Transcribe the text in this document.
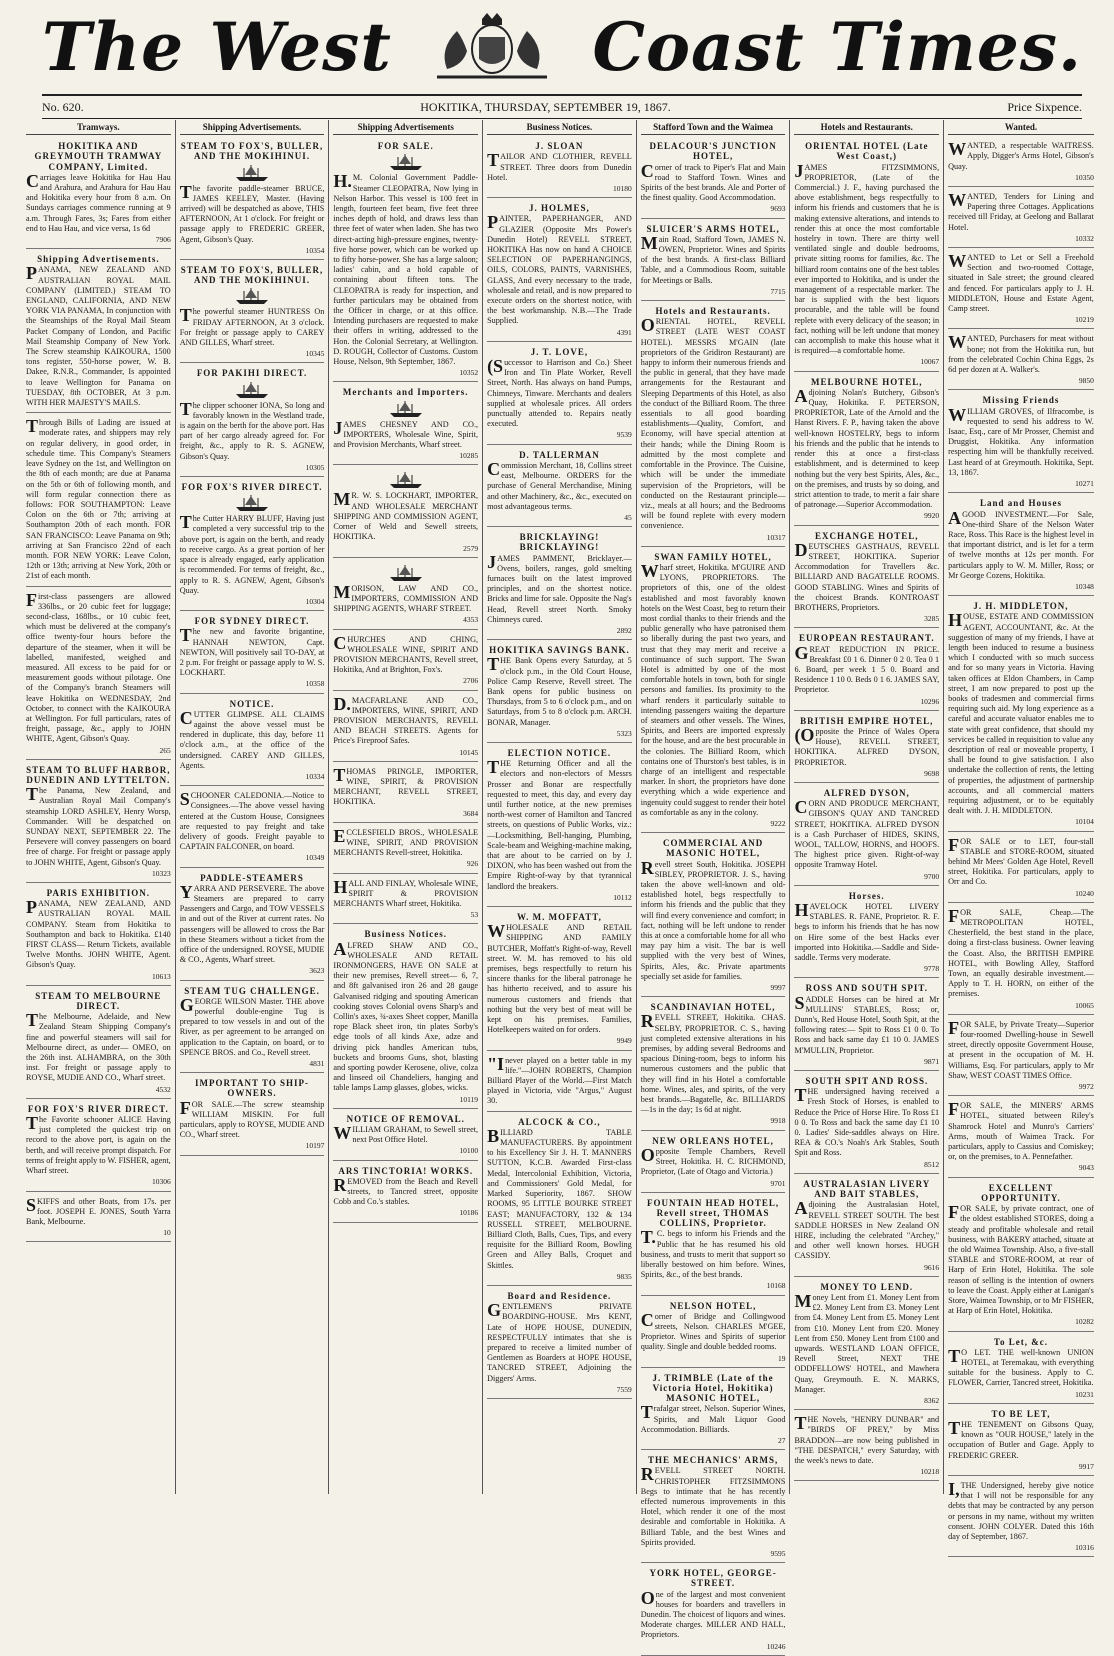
The West	Coast Times.
No. 620.	HOKITIKA, THURSDAY, SEPTEMBER 19, 1867.	Price Sixpence.
Tramways.
HOKITIKA AND GREYMOUTH TRAMWAY COMPANY, Limited.
Carriages leave Hokitika for Hau Hau and Arahura, and Arahura for Hau Hau and Hokitika every hour from 8 a.m. On Sundays carriages commence running at 9 a.m. Through Fares, 3s; Fares from either end to Hau Hau, and vice versa, 1s 6d
7906
Shipping Advertisements.
PANAMA, NEW ZEALAND AND AUSTRALIAN ROYAL MAIL COMPANY (LIMITED.) STEAM TO ENGLAND, CALIFORNIA, AND NEW YORK VIA PANAMA, In conjunction with the Steamships of the Royal Mail Steam Packet Company of London, and Pacific Mail Steamship Company of New York. The Screw steamship KAIKOURA, 1500 tons register, 550-horse power, W. B. Dakee, R.N.R., Commander, Is appointed to leave Wellington for Panama on TUESDAY, 8th OCTOBER, At 3 p.m. WITH HER MAJESTY'S MAILS.
Through Bills of Lading are issued at moderate rates, and shippers may rely on regular delivery, in good order, in schedule time. This Company's Steamers leave Sydney on the 1st, and Wellington on the 8th of each month; are due at Panama on the 5th or 6th of following month, and will form regular connection there as follows: FOR SOUTHAMPTON: Leave Colon on the 6th or 7th; arriving at Southampton 20th of each month. FOR SAN FRANCISCO: Leave Panama on 9th; arriving at San Francisco 22nd of each month. FOR NEW YORK: Leave Colon, 12th or 13th; arriving at New York, 20th or 21st of each month.
First-class passengers are allowed 336lbs., or 20 cubic feet for luggage; second-class, 168lbs., or 10 cubic feet, which must be delivered at the company's office twenty-four hours before the departure of the steamer, when it will be labelled, manifested, weighed and measured. All excess to be paid for or measurement goods without pilotage. One of the Company's branch Steamers will leave Hokitika on WEDNESDAY, 2nd October, to connect with the KAIKOURA at Wellington. For full particulars, rates of freight, passage, &c., apply to JOHN WHITE, Agent, Gibson's Quay.
265
STEAM TO BLUFF HARBOR, DUNEDIN AND LYTTELTON.
The Panama, New Zealand, and Australian Royal Mail Company's steamship LORD ASHLEY, Henry Worsp, Commander. Will be despatched on SUNDAY NEXT, SEPTEMBER 22. The Persevere will convey passengers on board free of charge. For freight or passage apply to JOHN WHITE, Agent, Gibson's Quay.
10323
PARIS EXHIBITION.
PANAMA, NEW ZEALAND, AND AUSTRALIAN ROYAL MAIL COMPANY. Steam from Hokitika to Southampton and back to Hokitika. £140 FIRST CLASS— Return Tickets, available Twelve Months. JOHN WHITE, Agent. Gibson's Quay.
10613
STEAM TO MELBOURNE DIRECT.
The Melbourne, Adelaide, and New Zealand Steam Shipping Company's fine and powerful steamers will sail for Melbourne direct, as under— OMEO, on the 26th inst. ALHAMBRA, on the 30th inst. For freight or passage apply to ROYSE, MUDIE AND CO., Wharf street.
4532
FOR FOX'S RIVER DIRECT.
The Favorite schooner ALICE Having just completed the quickest trip on record to the above port, is again on the berth, and will receive prompt dispatch. For terms of freight apply to W. FISHER, agent, Wharf street.
10306
SKIFFS and other Boats, from 17s. per foot. JOSEPH E. JONES, South Yarra Bank, Melbourne.
10
Shipping Advertisements.
STEAM TO FOX'S, BULLER, AND THE MOKIHINUI.
The favorite paddle-steamer BRUCE, JAMES KEELEY, Master. (Having arrived) will be despatched as above, THIS AFTERNOON, At 1 o'clock. For freight or passage apply to FREDERIC GREER, Agent, Gibson's Quay.
10354
STEAM TO FOX'S, BULLER, AND THE MOKIHINUI.
The powerful steamer HUNTRESS On FRIDAY AFTERNOON, At 3 o'clock. For freight or passage apply to CAREY AND GILLES, Wharf street.
10345
FOR PAKIHI DIRECT.
The clipper schooner IONA, So long and favorably known in the Westland trade, is again on the berth for the above port. Has part of her cargo already agreed for. For freight, &c., apply to R. S. AGNEW, Gibson's Quay.
10305
FOR FOX'S RIVER DIRECT.
The Cutter HARRY BLUFF, Having just completed a very successful trip to the above port, is again on the berth, and ready to receive cargo. As a great portion of her space is already engaged, early application is recommended. For terms of freight, &c., apply to R. S. AGNEW, Agent, Gibson's Quay.
10304
FOR SYDNEY DIRECT.
The new and favorite brigantine, HANNAH NEWTON, Capt. NEWTON, Will positively sail TO-DAY, at 2 p.m. For freight or passage apply to W. S. LOCKHART.
10358
NOTICE.
CUTTER GLIMPSE. ALL CLAIMS against the above vessel must be rendered in duplicate, this day, before 11 o'clock a.m., at the office of the undersigned. CAREY AND GILLES, Agents.
10334
SCHOONER CALEDONIA.—Notice to Consignees.—The above vessel having entered at the Custom House, Consignees are requested to pay freight and take delivery of goods. Freight payable to CAPTAIN FALCONER, on board.
10349
PADDLE-STEAMERS
YARRA AND PERSEVERE. The above Steamers are prepared to carry Passengers and Cargo, and TOW VESSELS in and out of the River at current rates. No passengers will be allowed to cross the Bar in these Steamers without a ticket from the office of the undersigned. ROYSE, MUDIE & CO., Agents, Wharf street.
3623
STEAM TUG CHALLENGE.
GEORGE WILSON Master. THE above powerful double-engine Tug is prepared to tow vessels in and out of the River, as per agreement to be arranged on application to the Captain, on board, or to SPENCE BROS. and Co., Revell street.
4831
IMPORTANT TO SHIP-OWNERS.
FOR SALE.—The screw steamship WILLIAM MISKIN. For full particulars, apply to ROYSE, MUDIE AND CO., Wharf street.
10197
Shipping Advertisements
FOR SALE.
H.M. Colonial Government Paddle-Steamer CLEOPATRA, Now lying in Nelson Harbor. This vessel is 100 feet in length, fourteen feet beam, five feet three inches depth of hold, and draws less than three feet of water when laden. She has two direct-acting high-pressure engines, twenty-five horse power, which can be worked up to fifty horse-power. She has a large saloon; ladies' cabin, and a hold capable of containing about fifteen tons. The CLEOPATRA is ready for inspection, and further particulars may be obtained from the Officer in charge, or at this office. Intending purchasers are requested to make their offers in writing, addressed to the Hon. the Colonial Secretary, at Wellington. D. ROUGH, Collector of Customs. Custom House, Nelson, 9th September, 1867.
10352
Merchants and Importers.
JAMES CHESNEY AND CO., IMPORTERS, Wholesale Wine, Spirit, and Provision Merchants, Wharf street.
10285
MR. W. S. LOCKHART, IMPORTER, AND WHOLESALE MERCHANT SHIPPING AND COMMISSION AGENT, Corner of Weld and Sewell streets, HOKITIKA.
2579
MORISON, LAW AND CO., IMPORTERS, COMMISSION AND SHIPPING AGENTS, WHARF STREET.
4353
CHURCHES AND CHING, WHOLESALE WINE, SPIRIT AND PROVISION MERCHANTS, Revell street, Hokitika, And at Brighton, Fox's.
2706
D.MACFARLANE AND CO., IMPORTERS, WINE, SPIRIT, AND PROVISION MERCHANTS, REVELL AND BEACH STREETS. Agents for Price's Fireproof Safes.
10145
THOMAS PRINGLE, IMPORTER, WINE, SPIRIT, & PROVISION MERCHANT, REVELL STREET, HOKITIKA.
3684
ECCLESFIELD BROS., WHOLESALE WINE, SPIRIT, AND PROVISION MERCHANTS Revell-street, Hokitika.
926
HALL AND FINLAY, Wholesale WINE, SPIRIT & PROVISION MERCHANTS Wharf street, Hokitika.
53
Business Notices.
ALFRED SHAW AND CO., WHOLESALE AND RETAIL IRONMONGERS, HAVE ON SALE at their new premises, Revell street— 6, 7, and 8ft galvanised iron 26 and 28 gauge Galvanised ridging and spouting American cooking stoves Colonial ovens Sharp's and Collin's axes, ¾-axes Sheet copper, Manilla rope Black sheet iron, tin plates Sorby's edge tools of all kinds Axe, adze and driving pick handles American tubs, buckets and brooms Guns, shot, blasting and sporting powder Kerosene, olive, colza and linseed oil Chandeliers, hanging and table lamps Lamp glasses, globes, wicks.
10119
NOTICE OF REMOVAL.
WILLIAM GRAHAM, to Sewell street, next Post Office Hotel.
10100
ARS TINCTORIA! WORKS.
REMOVED from the Beach and Revell streets, to Tancred street, opposite Cobb and Co.'s stables.
10186
Business Notices.
J. SLOAN
TAILOR AND CLOTHIER, REVELL STREET. Three doors from Dunedin Hotel.
10180
J. HOLMES,
PAINTER, PAPERHANGER, AND GLAZIER (Opposite Mrs Power's Dunedin Hotel) REVELL STREET, HOKITIKA Has now on hand A CHOICE SELECTION OF PAPERHANGINGS, OILS, COLORS, PAINTS, VARNISHES, GLASS, And every necessary to the trade, wholesale and retail, and is now prepared to execute orders on the shortest notice, with the best workmanship. N.B.—The Trade Supplied.
4391
J. T. LOVE,
(Successor to Harrison and Co.) Sheet Iron and Tin Plate Worker, Revell Street, North. Has always on hand Pumps, Chimneys, Tinware. Merchants and dealers supplied at wholesale prices. All orders punctually attended to. Repairs neatly executed.
9539
D. TALLERMAN
Commission Merchant, 18, Collins street east, Melbourne. ORDERS for the purchase of General Merchandise, Mining and other Machinery, &c., &c., executed on most advantageous terms.
45
BRICKLAYING! BRICKLAYING!
JAMES PAMMENT, Bricklayer.—Ovens, boilers, ranges, gold smelting furnaces built on the latest improved principles, and on the shortest notice. Bricks and lime for sale. Opposite the Nag's Head, Revell street North. Smoky Chimneys cured.
2892
HOKITIKA SAVINGS BANK.
THE Bank Opens every Saturday, at 5 o'clock p.m., in the Old Court House, Police Camp Reserve, Revell street. The Bank opens for public business on Thursdays, from 5 to 6 o'clock p.m., and on Saturdays, from 5 to 8 o'clock p.m. ARCH. BONAR, Manager.
5323
ELECTION NOTICE.
THE Returning Officer and all the electors and non-electors of Messrs Prosser and Bonar are respectfully requested to meet, this day, and every day until further notice, at the new premises north-west corner of Hamilton and Tancred streets, on questions of Public Works, viz.:—Locksmithing, Bell-hanging, Plumbing, Scale-beam and Weighing-machine making, that are about to be carried on by J. DIXON, who has been washed out from the Empire Right-of-way by that tyrannical landlord the breakers.
10112
W. M. MOFFATT,
WHOLESALE AND RETAIL SHIPPING AND FAMILY BUTCHER, Moffatt's Right-of-way, Revell street. W. M. has removed to his old premises, begs respectfully to return his sincere thanks for the liberal patronage he has hitherto received, and to assure his numerous customers and friends that nothing but the very best of meat will be kept on his premises. Families, Hotelkeepers waited on for orders.
9949
"Inever played on a better table in my life."—JOHN ROBERTS, Champion Billiard Player of the World.—First Match played in Victoria, vide "Argus," August 30.
ALCOCK & CO.,
BILLIARD TABLE MANUFACTURERS. By appointment to his Excellency Sir J. H. T. MANNERS SUTTON, K.C.B. Awarded First-class Medal, Intercolonial Exhibition, Victoria, and Commissioners' Gold Medal, for Marked Superiority, 1867. SHOW ROOMS, 95 LITTLE BOURKE STREET EAST; MANUFACTORY, 132 & 134 RUSSELL STREET, MELBOURNE. Billiard Cloth, Balls, Cues, Tips, and every requisite for the Billiard Room, Bowling Green and Alley Balls, Croquet and Skittles.
9835
Board and Residence.
GENTLEMEN'S PRIVATE BOARDING-HOUSE. Mrs KENT, Late of HOPE HOUSE, DUNEDIN, RESPECTFULLY intimates that she is prepared to receive a limited number of Gentlemen as Boarders at HOPE HOUSE, TANCRED STREET, Adjoining the Diggers' Arms.
7559
Stafford Town and the Waimea
DELACOUR'S JUNCTION HOTEL,
Corner of track to Piper's Flat and Main road to Stafford Town. Wines and Spirits of the best brands. Ale and Porter of the finest quality. Good Accommodation.
9693
SLUICER'S ARMS HOTEL,
Main Road, Stafford Town, JAMES N. OWEN, Proprietor. Wines and Spirits of the best brands. A first-class Billiard Table, and a Commodious Room, suitable for Meetings or Balls.
7715
Hotels and Restaurants.
ORIENTAL HOTEL, REVELL STREET (LATE WEST COAST HOTEL). MESSRS M'GAIN (late proprietors of the Gridiron Restaurant) are happy to inform their numerous friends and the public in general, that they have made arrangements for the Restaurant and Sleeping Departments of this Hotel, as also the conduct of the Billiard Room. The three essentials to all good boarding establishments—Quality, Comfort, and Economy, will have special attention at their hands; while the Dining Room is admitted by the most complete and comfortable in the Province. The Cuisine, which will be under the immediate supervision of the Proprietors, will be conducted on the Restaurant principle—viz., meals at all hours; and the Bedrooms will be found replete with every modern convenience.
10317
SWAN FAMILY HOTEL,
Wharf street, Hokitika. M'GUIRE AND LYONS, PROPRIETORS. The proprietors of this, one of the oldest established and most favorably known hotels on the West Coast, beg to return their most cordial thanks to their friends and the public generally who have patronised them so liberally during the past two years, and trust that they may merit and receive a continuance of such support. The Swan Hotel is admitted by one of the most comfortable hotels in town, both for single persons and families. Its proximity to the wharf renders it particularly suitable to intending passengers waiting the departure of steamers and other vessels. The Wines, Spirits, and Beers are imported expressly for the house, and are the best procurable in the colonies. The Billiard Room, which contains one of Thurston's best tables, is in charge of an intelligent and respectable marker. In short, the proprietors have done everything which a wide experience and ingenuity could suggest to render their hotel as comfortable as any in the colony.
9222
COMMERCIAL AND MASONIC HOTEL,
Revell street South, Hokitika. JOSEPH SIBLEY, PROPRIETOR. J. S., having taken the above well-known and old-established hotel, begs respectfully to inform his friends and the public that they will find every convenience and comfort; in fact, nothing will be left undone to render this at once a comfortable home for all who may pay him a visit. The bar is well supplied with the very best of Wines, Spirits, Ales, &c. Private apartments specially set aside for families.
9997
SCANDINAVIAN HOTEL,
REVELL STREET, Hokitika. CHAS. SELBY, PROPRIETOR. C. S., having just completed extensive alterations in his premises, by adding several Bedrooms and spacious Dining-room, begs to inform his numerous customers and the public that they will find in his Hotel a comfortable home. Wines, ales, and spirits, of the very best brands.—Bagatelle, &c. BILLIARDS—1s in the day; 1s 6d at night.
9918
NEW ORLEANS HOTEL,
Opposite Temple Chambers, Revell Street, Hokitika. H. C. RICHMOND, Proprietor, (Late of Otago and Victoria.)
9701
FOUNTAIN HEAD HOTEL, Revell street, THOMAS COLLINS, Proprietor.
T.C. begs to inform his Friends and the Public that he has resumed his old business, and trusts to merit that support so liberally bestowed on him before. Wines, Spirits, &c., of the best brands.
10168
NELSON HOTEL,
Corner of Bridge and Collingwood streets, Nelson. CHARLES M'GEE, Proprietor. Wines and Spirits of superior quality. Single and double bedded rooms.
19
J. TRIMBLE (Late of the Victoria Hotel, Hokitika) MASONIC HOTEL,
Trafalgar street, Nelson. Superior Wines, Spirits, and Malt Liquor Good Accommodation. Billiards.
27
THE MECHANICS' ARMS,
REVELL STREET NORTH. CHRISTOPHER FITZSIMMONS Begs to intimate that he has recently effected numerous improvements in this Hotel, which render it one of the most desirable and comfortable in Hokitika. A Billiard Table, and the best Wines and Spirits provided.
9595
YORK HOTEL, GEORGE-STREET.
One of the largest and most convenient houses for boarders and travellers in Dunedin. The choicest of liquors and wines. Moderate charges. MILLER AND HALL, Proprietors.
10246
Hotels and Restaurants.
ORIENTAL HOTEL (Late West Coast,)
JAMES FITZSIMMONS, PROPRIETOR, (Late of the Commercial.) J. F., having purchased the above establishment, begs respectfully to inform his friends and customers that he is making extensive alterations, and intends to render this at once the most comfortable hostelry in town. There are thirty well ventilated single and double bedrooms, private sitting rooms for families, &c. The billiard room contains one of the best tables ever imported to Hokitika, and is under the management of a respectable marker. The bar is supplied with the best liquors procurable, and the table will be found replete with every delicacy of the season; in fact, nothing will be left undone that money can accomplish to make this house what it is required—a comfortable home.
10067
MELBOURNE HOTEL,
Adjoining Nolan's Butchery, Gibson's Quay, Hokitika. F. PETERSON, PROPRIETOR, Late of the Arnold and the Hanst Rivers. F. P., having taken the above well-known HOSTELRY, begs to inform his friends and the public that he intends to render this at once a first-class establishment, and is determined to keep nothing but the very best Spirits, Ales, &c., on the premises, and trusts by so doing, and strict attention to trade, to merit a fair share of patronage.—Superior Accommodation.
9920
EXCHANGE HOTEL,
DEUTSCHES GASTHAUS, REVELL STREET, HOKITIKA. Superior Accommodation for Travellers &c. BILLIARD AND BAGATELLE ROOMS. GOOD STABLING. Wines and Spirits of the choicest Brands. KONTROAST BROTHERS, Proprietors.
3285
EUROPEAN RESTAURANT.
GREAT REDUCTION IN PRICE. Breakfast £0 1 6. Dinner 0 2 0. Tea 0 1 6. Board, per week 1 5 0. Board and Residence 1 10 0. Beds 0 1 6. JAMES SAY, Proprietor.
10296
BRITISH EMPIRE HOTEL,
(Opposite the Prince of Wales Opera House), REVELL STREET, HOKITIKA. ALFRED DYSON, PROPRIETOR.
9698
ALFRED DYSON,
CORN AND PRODUCE MERCHANT, GIBSON'S QUAY AND TANCRED STREET, HOKITIKA. ALFRED DYSON is a Cash Purchaser of HIDES, SKINS, WOOL, TALLOW, HORNS, and HOOFS. The highest price given. Right-of-way opposite Tramway Hotel.
9700
Horses.
HAVELOCK HOTEL LIVERY STABLES. R. FANE, Proprietor. R. F. begs to inform his friends that he has now on Hire some of the best Hacks ever imported into Hokitika.—Saddle and Side-saddle. Terms very moderate.
9778
ROSS AND SOUTH SPIT.
SADDLE Horses can be hired at Mr MULLINS' STABLES, Ross; or, Dunn's, Red House Hotel, South Spit, at the following rates:— Spit to Ross £1 0 0. To Ross and back same day £1 10 0. JAMES M'MULLIN, Proprietor.
9871
SOUTH SPIT AND ROSS.
THE undersigned having received a Fresh Stock of Horses, is enabled to Reduce the Price of Horse Hire. To Ross £1 0 0. To Ross and back the same day £1 10 0. Ladies' Side-saddles always on Hire. REA & CO.'s Noah's Ark Stables, South Spit and Ross.
8512
AUSTRALASIAN LIVERY AND BAIT STABLES,
Adjoining the Australasian Hotel, REVELL STREET SOUTH. The best SADDLE HORSES in New Zealand ON HIRE, including the celebrated "Archey," and other well known horses. HUGH CASSIDY.
9616
MONEY TO LEND.
Money Lent from £1. Money Lent from £2. Money Lent from £3. Money Lent from £4. Money Lent from £5. Money Lent from £10. Money Lent from £20. Money Lent from £50. Money Lent from £100 and upwards. WESTLAND LOAN OFFICE, Revell Street, NEXT THE ODDFELLOWS' HOTEL, and Mawhera Quay, Greymouth. E. N. MARKS, Manager.
8362
THE Novels, "HENRY DUNBAR" and "BIRDS OF PREY," by Miss BRADDON—are now being published in "THE DESPATCH," every Saturday, with the week's news to date.
10218
Wanted.
WANTED, a respectable WAITRESS. Apply, Digger's Arms Hotel, Gibson's Quay.
10350
WANTED, Tenders for Lining and Papering three Cottages. Applications received till Friday, at Geelong and Ballarat Hotel.
10332
WANTED to Let or Sell a Freehold Section and two-roomed Cottage, situated in Sale street; the ground cleared and fenced. For particulars apply to J. H. MIDDLETON, House and Estate Agent, Camp street.
10219
WANTED, Purchasers for meat without bone; not from the Hokitika run, but from the celebrated Cochin China Eggs, 2s 6d per dozen at A. Walker's.
9850
Missing Friends
WILLIAM GROVES, of Ilfracombe, is requested to send his address to W. Isaac, Esq., care of Mr Prosser, Chemist and Druggist, Hokitika. Any information respecting him will be thankfully received. Last heard of at Greymouth. Hokitika, Sept. 13, 1867.
10271
Land and Houses
AGOOD INVESTMENT.—For Sale, One-third Share of the Nelson Water Race, Ross. This Race is the highest level in that important district, and is let for a term of twelve months at 12s per month. For particulars apply to W. M. Miller, Ross; or Mr George Cozens, Hokitika.
10348
J. H. MIDDLETON,
HOUSE, ESTATE AND COMMISSION AGENT, ACCOUNTANT, &c. At the suggestion of many of my friends, I have at length been induced to resume a business which I conducted with so much success and for so many years in Victoria. Having taken offices at Eldon Chambers, in Camp street, I am now prepared to post up the books of tradesmen and commercial firms requiring such aid. My long experience as a careful and accurate valuator enables me to state with great confidence, that should my services be called in requisition to value any description of real or moveable property, I shall be found to give satisfaction. I also undertake the collection of rents, the letting of properties, the adjustment of partnership accounts, and all commercial matters requiring adjustment, or to be equitably dealt with. J. H. MIDDLETON.
10104
FOR SALE or to LET, four-stall STABLE and STORE-ROOM, situated behind Mr Mees' Golden Age Hotel, Revell street, Hokitika. For particulars, apply to Orr and Co.
10240
FOR SALE, Cheap.—The METROPOLITAN HOTEL, Chesterfield, the best stand in the place, doing a first-class business. Owner leaving the Coast. Also, the BRITISH EMPIRE HOTEL, with Bowling Alley, Stafford Town, an equally desirable investment.—Apply to T. H. HORN, on either of the premises.
10065
FOR SALE, by Private Treaty—Superior four-roomed Dwelling-house in Sewell street, directly opposite Government House, at present in the occupation of M. H. Williams, Esq. For particulars, apply to Mr Shaw, WEST COAST TIMES Office.
9972
FOR SALE, the MINERS' ARMS HOTEL, situated between Riley's Shamrock Hotel and Munro's Carriers' Arms, mouth of Waimea Track. For particulars, apply to Cassius and Comiskey; or, on the premises, to A. Pennefather.
9043
EXCELLENT OPPORTUNITY.
FOR SALE, by private contract, one of the oldest established STORES, doing a steady and profitable wholesale and retail business, with BAKERY attached, situate at the old Waimea Township. Also, a five-stall STABLE and STORE-ROOM, at rear of Harp of Erin Hotel, Hokitika. The sole reason of selling is the intention of owners to leave the Coast. Apply either at Lanigan's Store, Waimea Township, or to Mr FISHER, at Harp of Erin Hotel, Hokitika.
10282
To Let, &c.
TO LET. THE well-known UNION HOTEL, at Teremakau, with everything suitable for the business. Apply to C. FLOWER, Carrier, Tancred street, Hokitika.
10231
TO BE LET,
THE TENEMENT on Gibsons Quay, known as "OUR HOUSE," lately in the occupation of Butler and Gage. Apply to FREDERIC GREER.
9917
I,THE Undersigned, hereby give notice that I will not be responsible for any debts that may be contracted by any person or persons in my name, without my written consent. JOHN COLYER. Dated this 16th day of September, 1867.
10316
